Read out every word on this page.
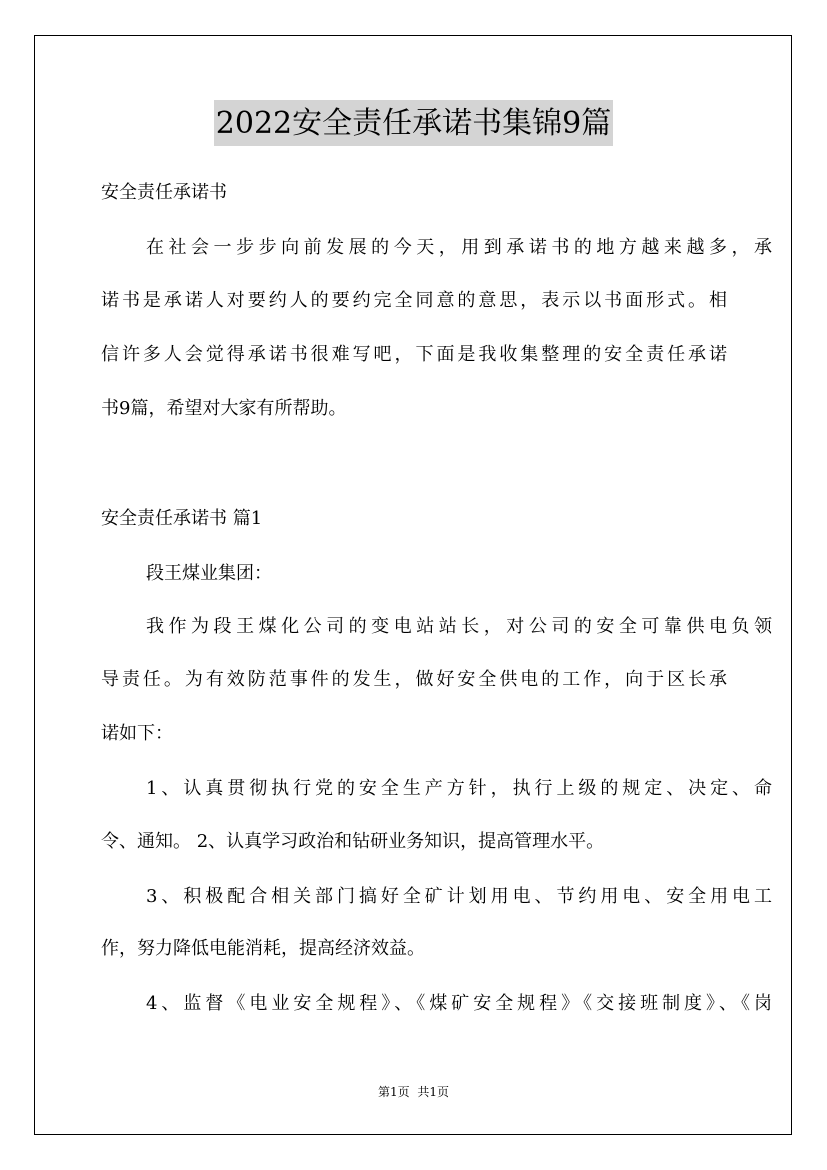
2022安全责任承诺书集锦9篇

安全责任承诺书

在社会一步步向前发展的今天，用到承诺书的地方越来越多，承

诺书是承诺人对要约人的要约完全同意的意思，表示以书面形式。相

信许多人会觉得承诺书很难写吧，下面是我收集整理的安全责任承诺

书9篇，希望对大家有所帮助。

安全责任承诺书 篇1

段王煤业集团：

我作为段王煤化公司的变电站站长，对公司的安全可靠供电负领

导责任。为有效防范事件的发生，做好安全供电的工作，向于区长承

诺如下：

1、认真贯彻执行党的安全生产方针，执行上级的规定、决定、命

令、通知。 2、认真学习政治和钻研业务知识，提高管理水平。

3、积极配合相关部门搞好全矿计划用电、节约用电、安全用电工

作，努力降低电能消耗，提高经济效益。

4、监督《电业安全规程》、《煤矿安全规程》《交接班制度》、《岗

第1页 共1页
